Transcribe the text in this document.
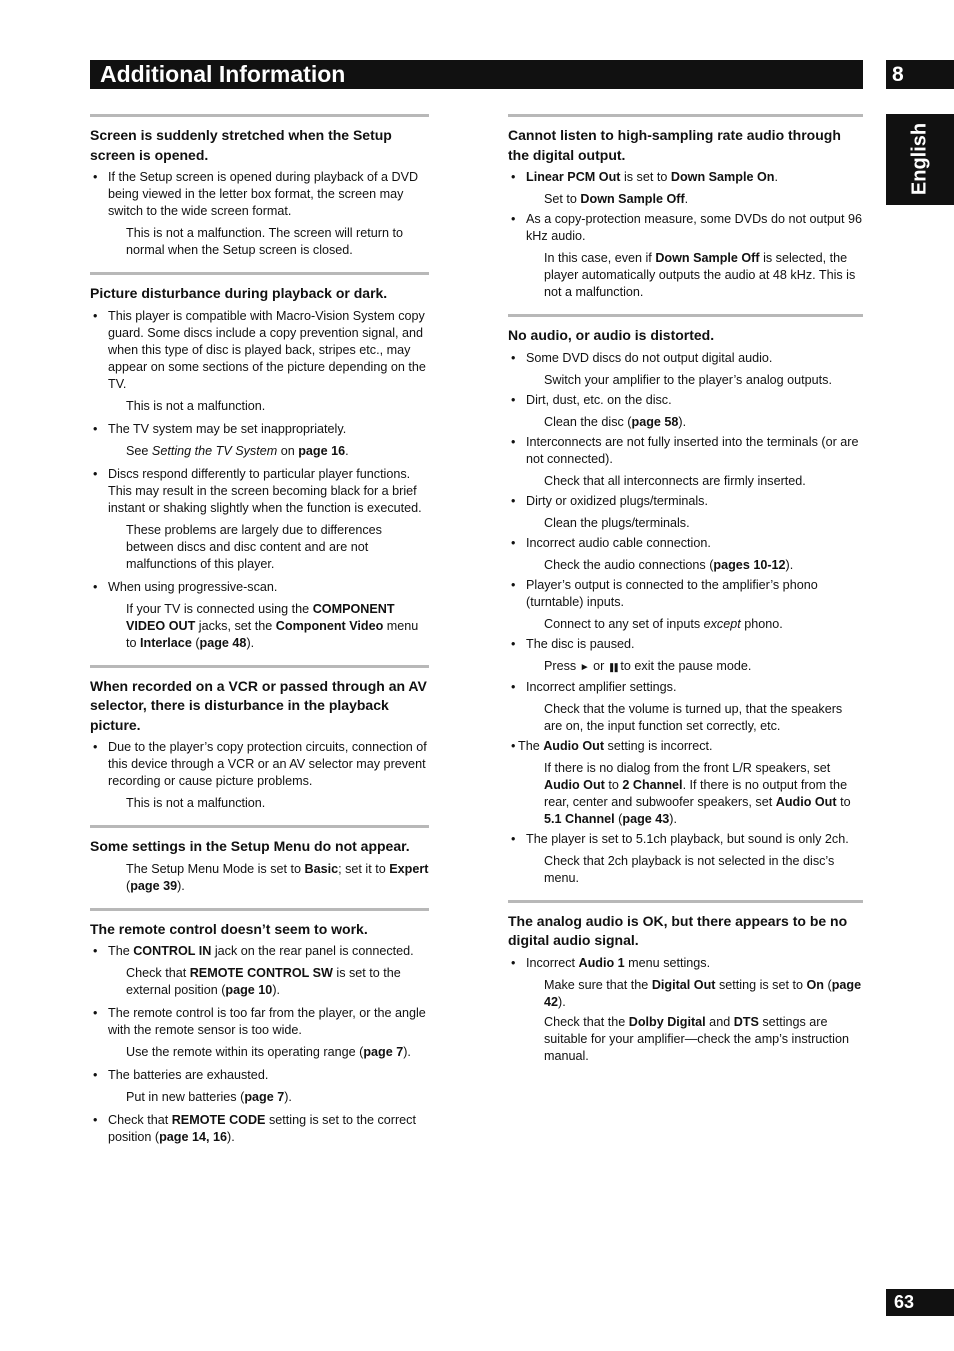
Additional Information	8
English
63
Screen is suddenly stretched when the Setup screen is opened.
• If the Setup screen is opened during playback of a DVD being viewed in the letter box format, the screen may switch to the wide screen format.
This is not a malfunction. The screen will return to normal when the Setup screen is closed.
Picture disturbance during playback or dark.
• This player is compatible with Macro-Vision System copy guard. Some discs include a copy prevention signal, and when this type of disc is played back, stripes etc., may appear on some sections of the picture depending on the TV.
This is not a malfunction.
• The TV system may be set inappropriately.
See Setting the TV System on page 16.
• Discs respond differently to particular player functions. This may result in the screen becoming black for a brief instant or shaking slightly when the function is executed.
These problems are largely due to differences between discs and disc content and are not malfunctions of this player.
• When using progressive-scan.
If your TV is connected using the COMPONENT VIDEO OUT jacks, set the Component Video menu to Interlace (page 48).
When recorded on a VCR or passed through an AV selector, there is disturbance in the playback picture.
• Due to the player’s copy protection circuits, connection of this device through a VCR or an AV selector may prevent recording or cause picture problems.
This is not a malfunction.
Some settings in the Setup Menu do not appear.
The Setup Menu Mode is set to Basic; set it to Expert (page 39).
The remote control doesn’t seem to work.
• The CONTROL IN jack on the rear panel is connected.
Check that REMOTE CONTROL SW is set to the external position (page 10).
• The remote control is too far from the player, or the angle with the remote sensor is too wide.
Use the remote within its operating range (page 7).
• The batteries are exhausted.
Put in new batteries (page 7).
• Check that REMOTE CODE setting is set to the correct position (page 14, 16).
Cannot listen to high-sampling rate audio through the digital output.
• Linear PCM Out is set to Down Sample On.
Set to Down Sample Off.
• As a copy-protection measure, some DVDs do not output 96 kHz audio.
In this case, even if Down Sample Off is selected, the player automatically outputs the audio at 48 kHz. This is not a malfunction.
No audio, or audio is distorted.
• Some DVD discs do not output digital audio.
Switch your amplifier to the player’s analog outputs.
• Dirt, dust, etc. on the disc.
Clean the disc (page 58).
• Interconnects are not fully inserted into the terminals (or are not connected).
Check that all interconnects are firmly inserted.
• Dirty or oxidized plugs/terminals.
Clean the plugs/terminals.
• Incorrect audio cable connection.
Check the audio connections (pages 10-12).
• Player’s output is connected to the amplifier’s phono (turntable) inputs.
Connect to any set of inputs except phono.
• The disc is paused.
Press ► or ❚❚ to exit the pause mode.
• Incorrect amplifier settings.
Check that the volume is turned up, that the speakers are on, the input function set correctly, etc.
• The Audio Out setting is incorrect.
If there is no dialog from the front L/R speakers, set Audio Out to 2 Channel. If there is no output from the rear, center and subwoofer speakers, set Audio Out to 5.1 Channel (page 43).
• The player is set to 5.1ch playback, but sound is only 2ch.
Check that 2ch playback is not selected in the disc’s menu.
The analog audio is OK, but there appears to be no digital audio signal.
• Incorrect Audio 1 menu settings.
Make sure that the Digital Out setting is set to On (page 42).
Check that the Dolby Digital and DTS settings are suitable for your amplifier—check the amp’s instruction manual.
